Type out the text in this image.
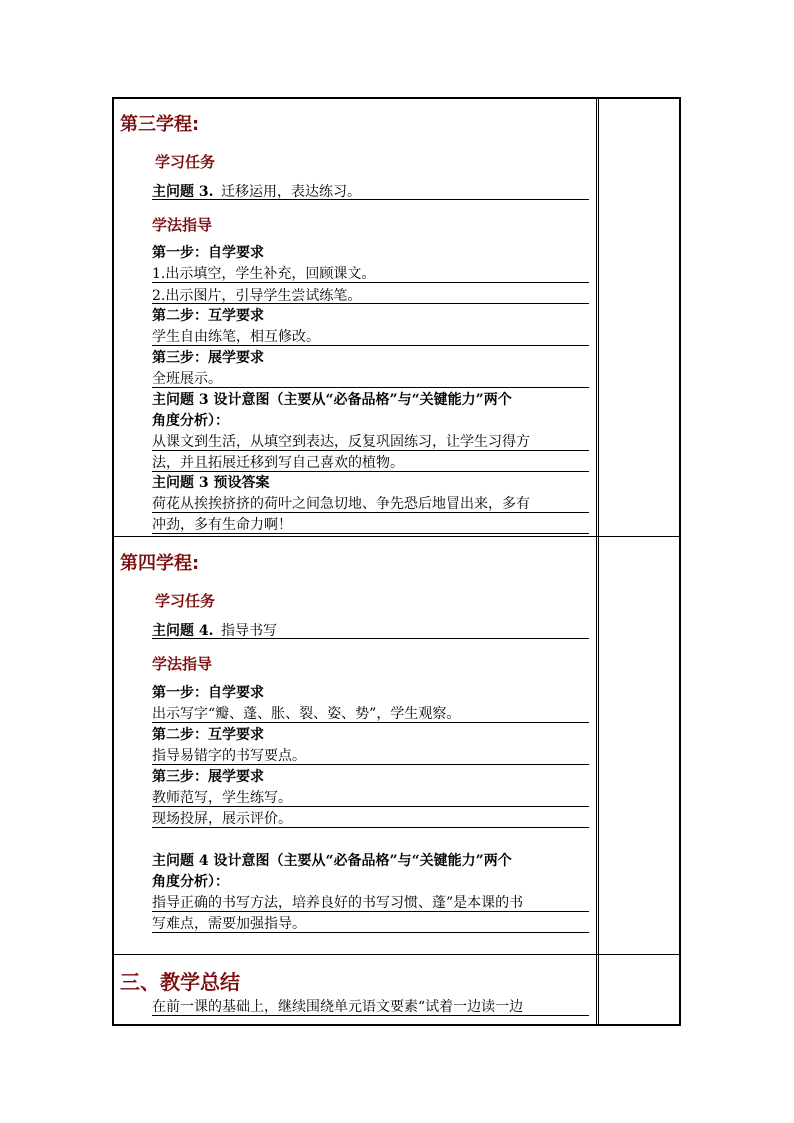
第三学程:
学习任务
主问题 3. 迁移运用，表达练习。
学法指导
第一步：自学要求
1.出示填空，学生补充，回顾课文。
2.出示图片，引导学生尝试练笔。
第二步：互学要求
学生自由练笔，相互修改。
第三步：展学要求
全班展示。
主问题 3 设计意图（主要从“必备品格”与“关键能力”两个
角度分析）：
从课文到生活，从填空到表达，反复巩固练习，让学生习得方
法，并且拓展迁移到写自己喜欢的植物。
主问题 3 预设答案
荷花从挨挨挤挤的荷叶之间急切地、争先恐后地冒出来，多有
冲劲，多有生命力啊！
第四学程:
学习任务
主问题 4. 指导书写
学法指导
第一步：自学要求
出示写字“瓣、蓬、胀、裂、姿、势”，学生观察。
第二步：互学要求
指导易错字的书写要点。
第三步：展学要求
教师范写，学生练写。
现场投屏，展示评价。
主问题 4 设计意图（主要从“必备品格”与“关键能力”两个
角度分析）：
指导正确的书写方法，培养良好的书写习惯、蓬”是本课的书
写难点，需要加强指导。
三、教学总结
在前一课的基础上，继续围绕单元语文要素“试着一边读一边
